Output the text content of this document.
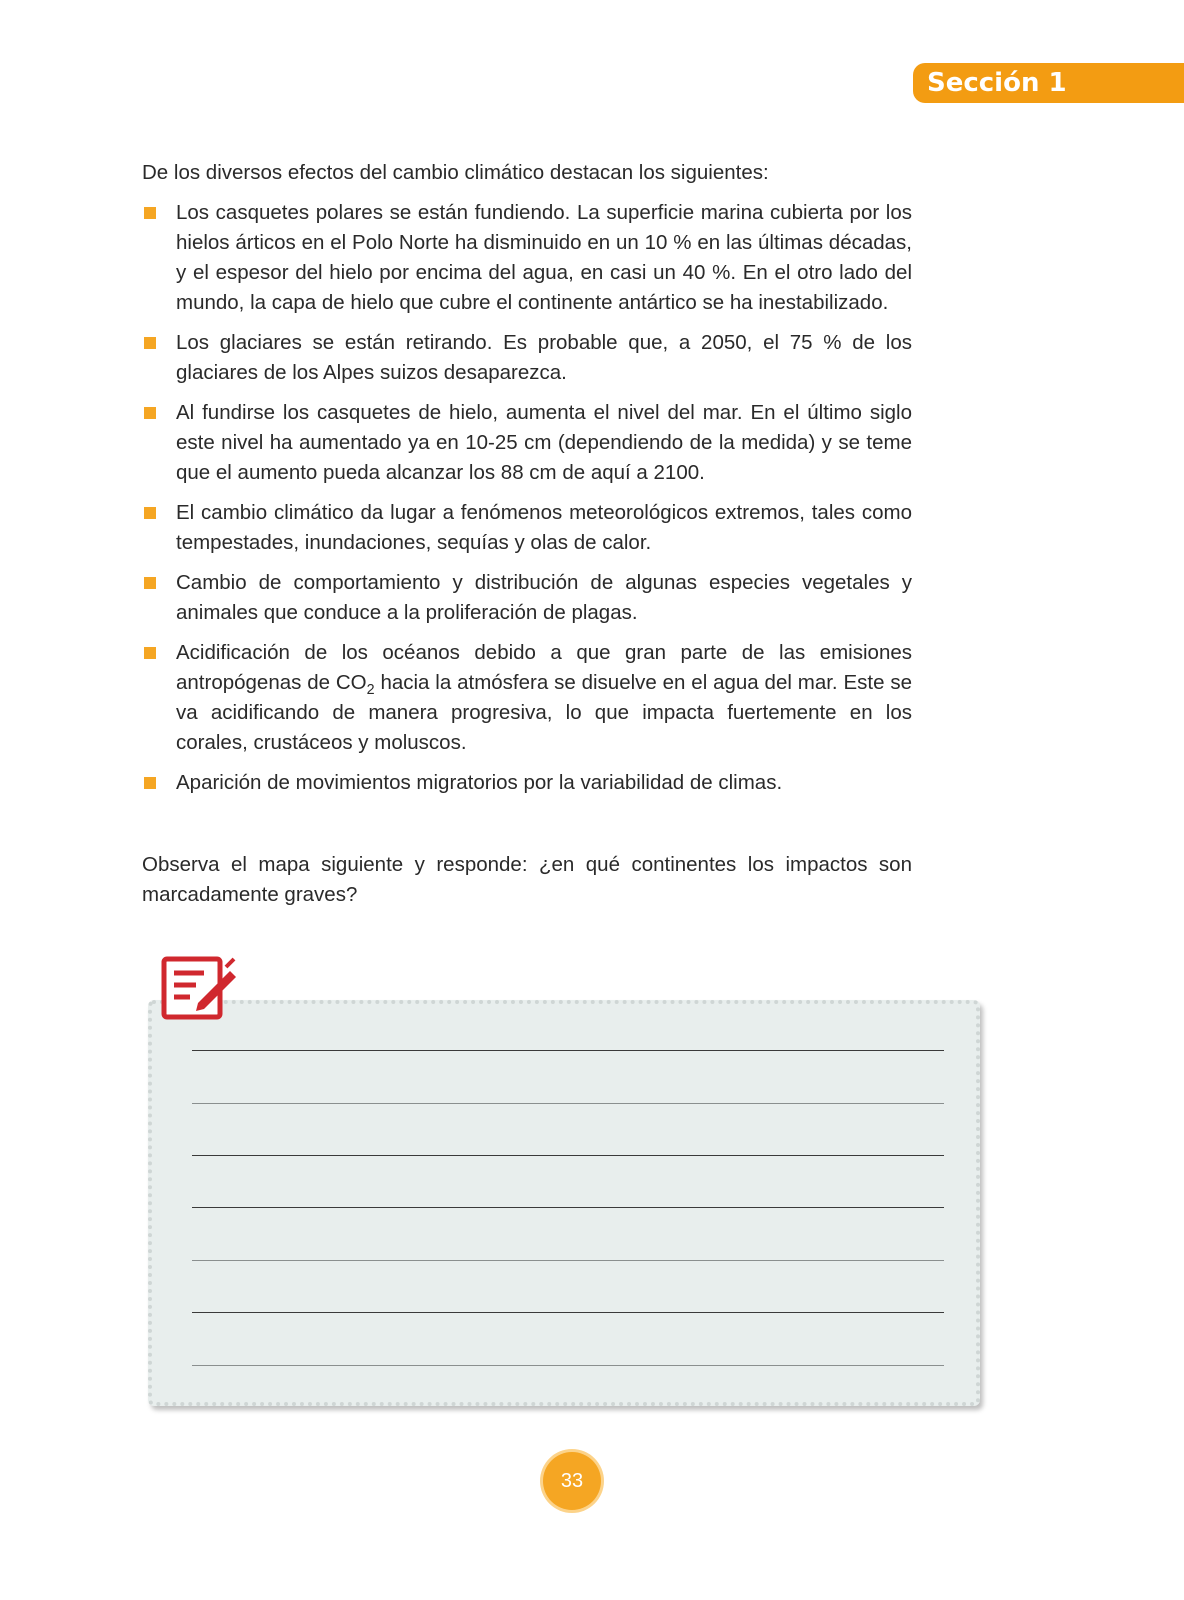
Sección 1

De los diversos efectos del cambio climático destacan los siguientes:

Los casquetes polares se están fundiendo. La superficie marina cubierta por los hielos árticos en el Polo Norte ha disminuido en un 10 % en las últimas décadas, y el espesor del hielo por encima del agua, en casi un 40 %. En el otro lado del mundo, la capa de hielo que cubre el continente antártico se ha inestabilizado.
Los glaciares se están retirando. Es probable que, a 2050, el 75 % de los glaciares de los Alpes suizos desaparezca.
Al fundirse los casquetes de hielo, aumenta el nivel del mar. En el último siglo este nivel ha aumentado ya en 10-25 cm (dependiendo de la medida) y se teme que el aumento pueda alcanzar los 88 cm de aquí a 2100.
El cambio climático da lugar a fenómenos meteorológicos extremos, tales como tempestades, inundaciones, sequías y olas de calor.
Cambio de comportamiento y distribución de algunas especies vegetales y animales que conduce a la proliferación de plagas.
Acidificación de los océanos debido a que gran parte de las emisiones antropógenas de $CO_2$ hacia la atmósfera se disuelve en el agua del mar. Este se va acidificando de manera progresiva, lo que impacta fuertemente en los corales, crustáceos y moluscos.
Aparición de movimientos migratorios por la variabilidad de climas.

Observa el mapa siguiente y responde: ¿en qué continentes los impactos son marcadamente graves?

33
